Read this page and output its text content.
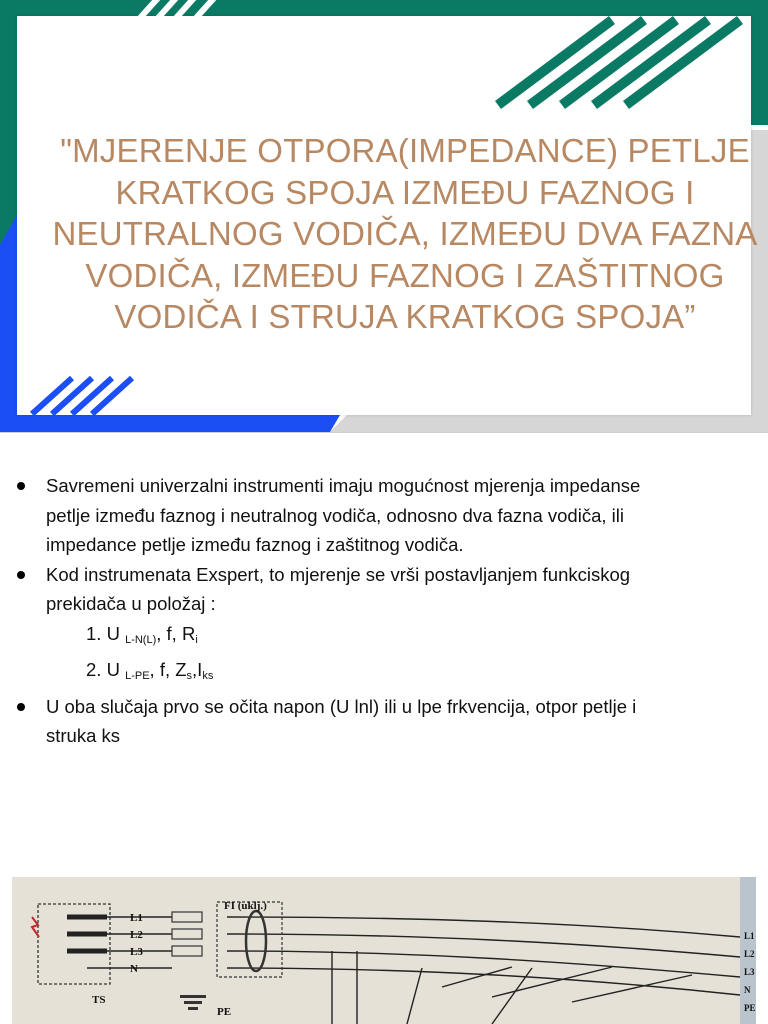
"MJERENJE OTPORA(IMPEDANCE) PETLJE KRATKOG SPOJA IZMEĐU FAZNOG I NEUTRALNOG VODIČA, IZMEĐU DVA FAZNA VODIČA, IZMEĐU FAZNOG I ZAŠTITNOG VODIČA I STRUJA KRATKOG SPOJA”
Savremeni univerzalni instrumenti imaju mogućnost mjerenja impedanse petlje između faznog i neutralnog vodiča, odnosno dva fazna vodiča, ili impedance petlje između faznog i zaštitnog vodiča.
Kod instrumenata Exspert, to mjerenje se vrši postavljanjem funkciskog prekidača u položaj :
1. U $_{L-N(L)}$, f, $R_i$
2. U $_{L-PE}$, f, $Z_s,I_{ks}$
U oba slučaja prvo se očita napon (U lnl) ili u lpe frkvencija, otpor petlje i struka ks
L1
L2
L3
N
TS
FI (uklj.)
PE
L1
L2
L3
N
PE
